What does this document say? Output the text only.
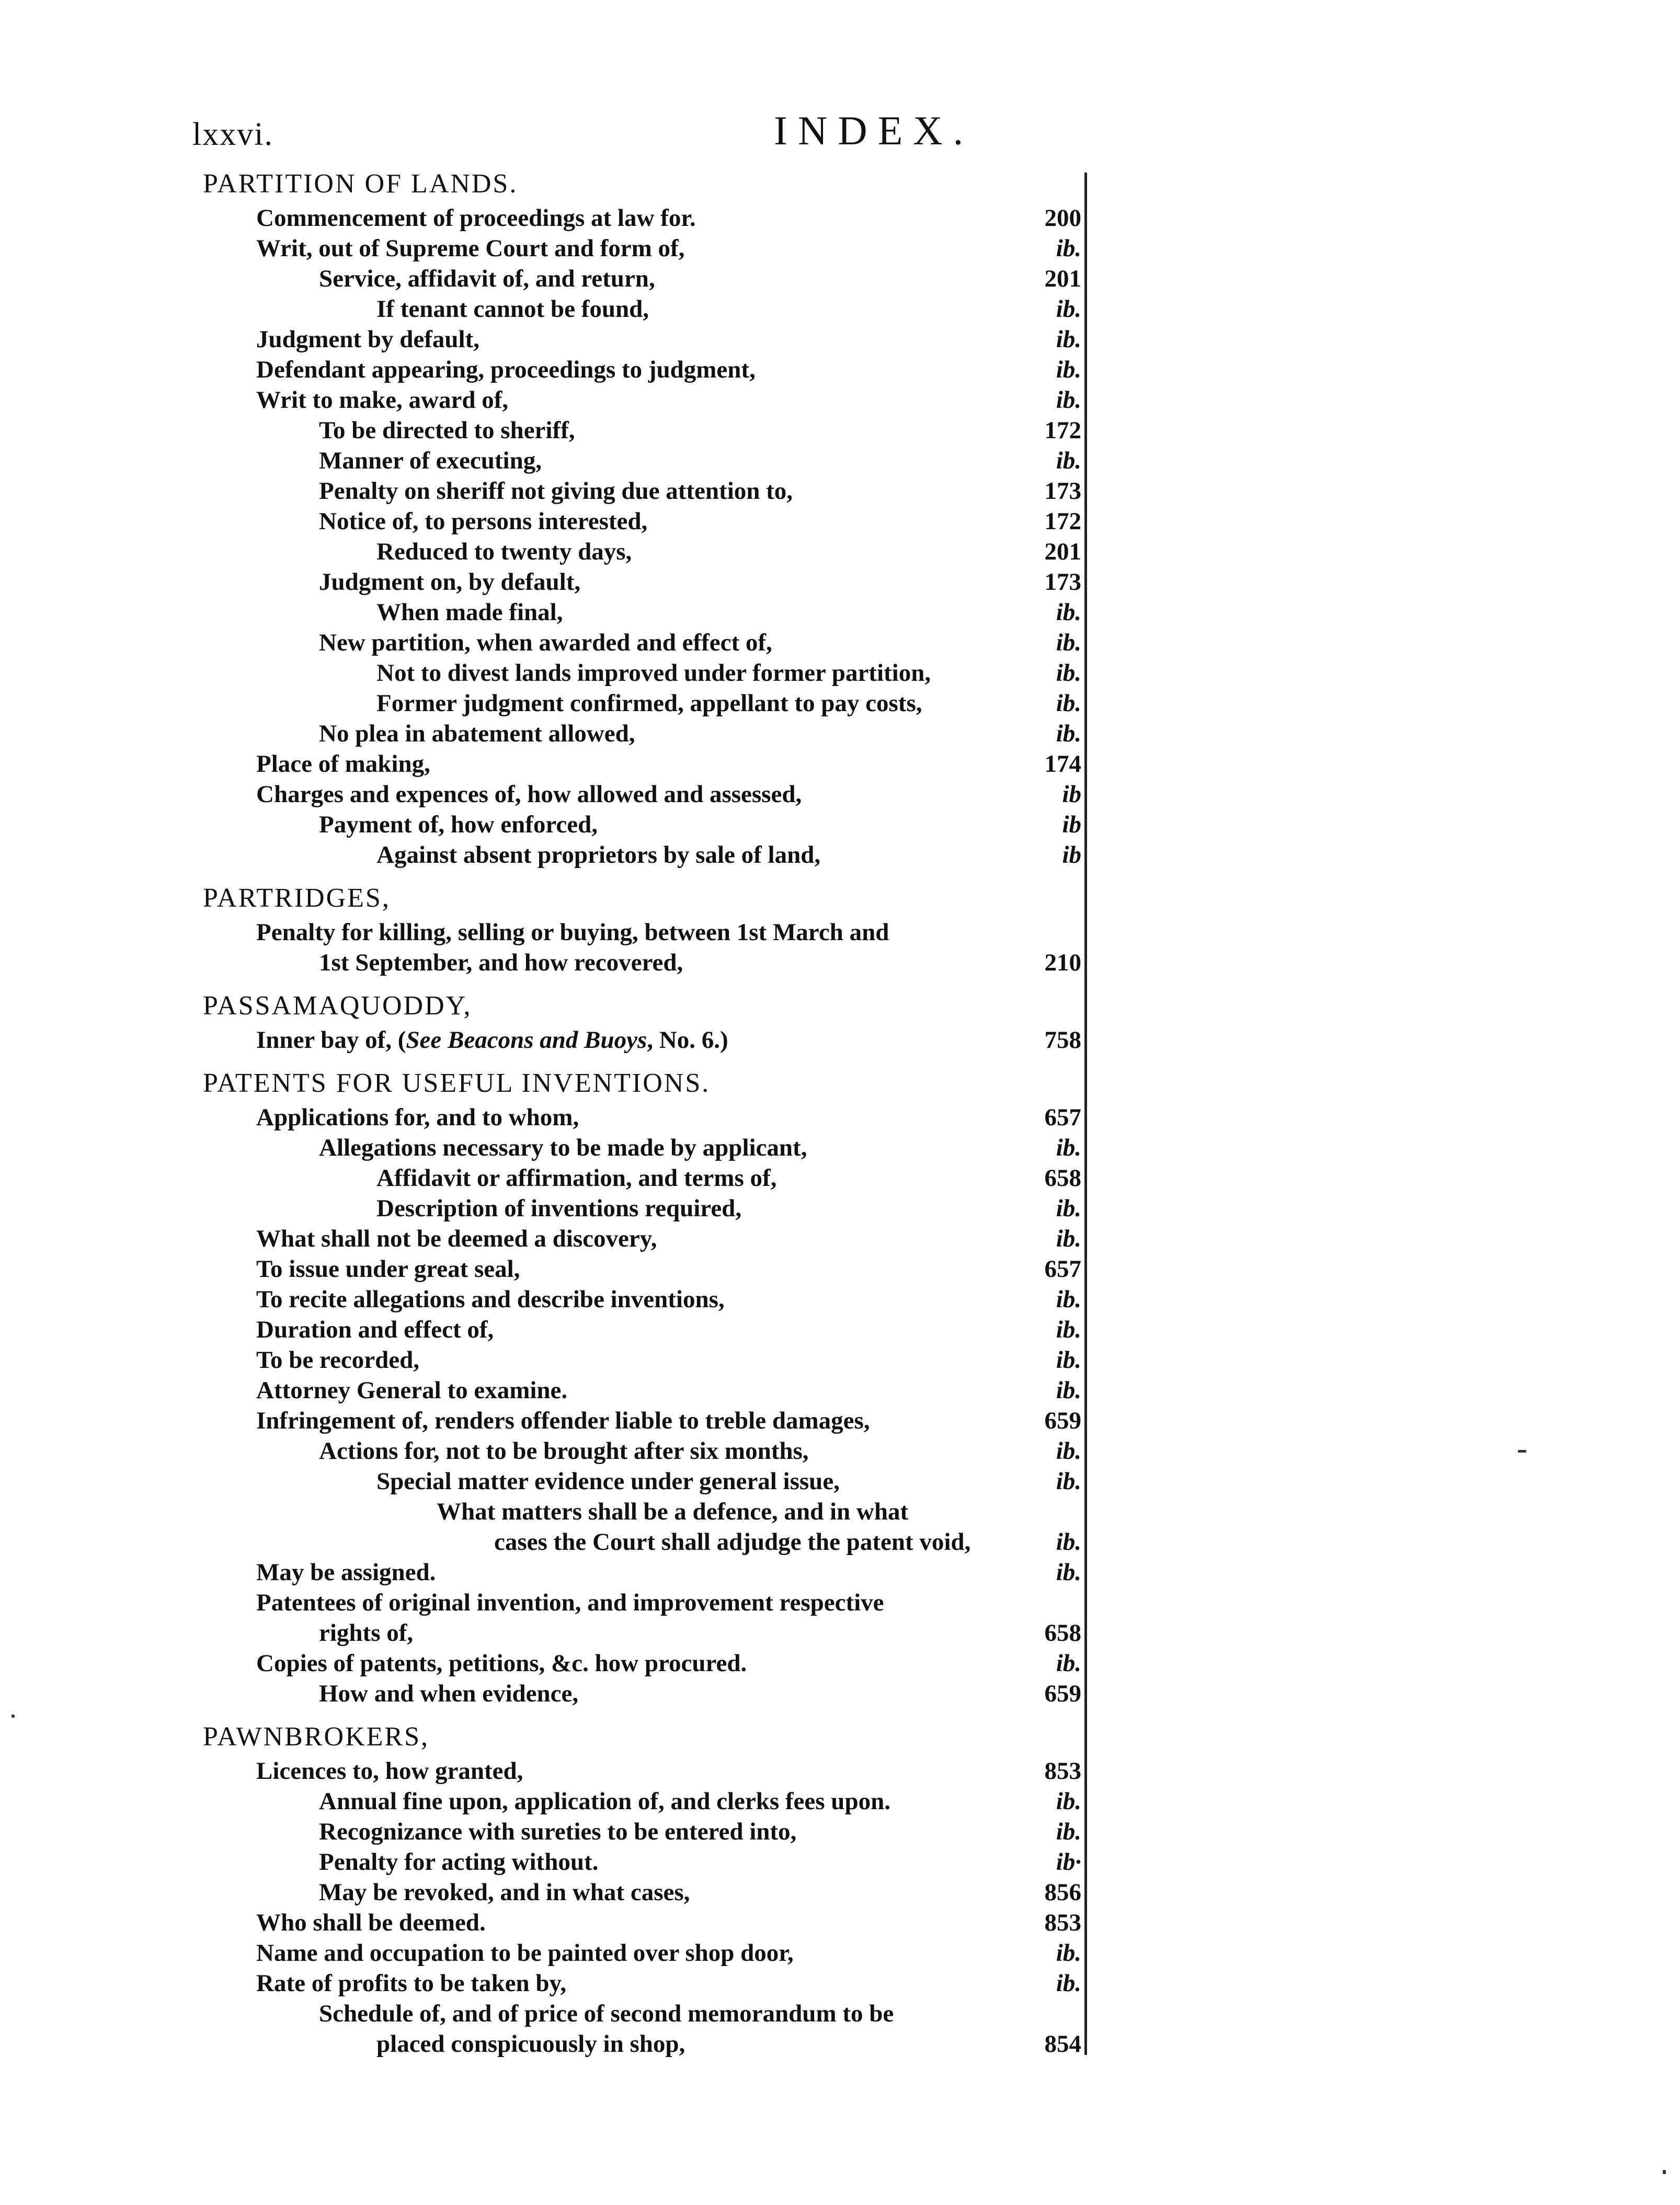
lxxvi.	INDEX.
PARTITION OF LANDS.
Commencement of proceedings at law for.	200
Writ, out of Supreme Court and form of,	ib.
Service, affidavit of, and return,	201
If tenant cannot be found,	ib.
Judgment by default,	ib.
Defendant appearing, proceedings to judgment,	ib.
Writ to make, award of,	ib.
To be directed to sheriff,	172
Manner of executing,	ib.
Penalty on sheriff not giving due attention to,	173
Notice of, to persons interested,	172
Reduced to twenty days,	201
Judgment on, by default,	173
When made final,	ib.
New partition, when awarded and effect of,	ib.
Not to divest lands improved under former partition,	ib.
Former judgment confirmed, appellant to pay costs,	ib.
No plea in abatement allowed,	ib.
Place of making,	174
Charges and expences of, how allowed and assessed,	ib
Payment of, how enforced,	ib
Against absent proprietors by sale of land,	ib
PARTRIDGES,
Penalty for killing, selling or buying, between 1st March and
1st September, and how recovered,	210
PASSAMAQUODDY,
Inner bay of, (See Beacons and Buoys, No. 6.)	758
PATENTS FOR USEFUL INVENTIONS.
Applications for, and to whom,	657
Allegations necessary to be made by applicant,	ib.
Affidavit or affirmation, and terms of,	658
Description of inventions required,	ib.
What shall not be deemed a discovery,	ib.
To issue under great seal,	657
To recite allegations and describe inventions,	ib.
Duration and effect of,	ib.
To be recorded,	ib.
Attorney General to examine.	ib.
Infringement of, renders offender liable to treble damages,	659
Actions for, not to be brought after six months,	ib.
Special matter evidence under general issue,	ib.
What matters shall be a defence, and in what
cases the Court shall adjudge the patent void,	ib.
May be assigned.	ib.
Patentees of original invention, and improvement respective
rights of,	658
Copies of patents, petitions, &c. how procured.	ib.
How and when evidence,	659
PAWNBROKERS,
Licences to, how granted,	853
Annual fine upon, application of, and clerks fees upon.	ib.
Recognizance with sureties to be entered into,	ib.
Penalty for acting without.	ib·
May be revoked, and in what cases,	856
Who shall be deemed.	853
Name and occupation to be painted over shop door,	ib.
Rate of profits to be taken by,	ib.
Schedule of, and of price of second memorandum to be
placed conspicuously in shop,	854
